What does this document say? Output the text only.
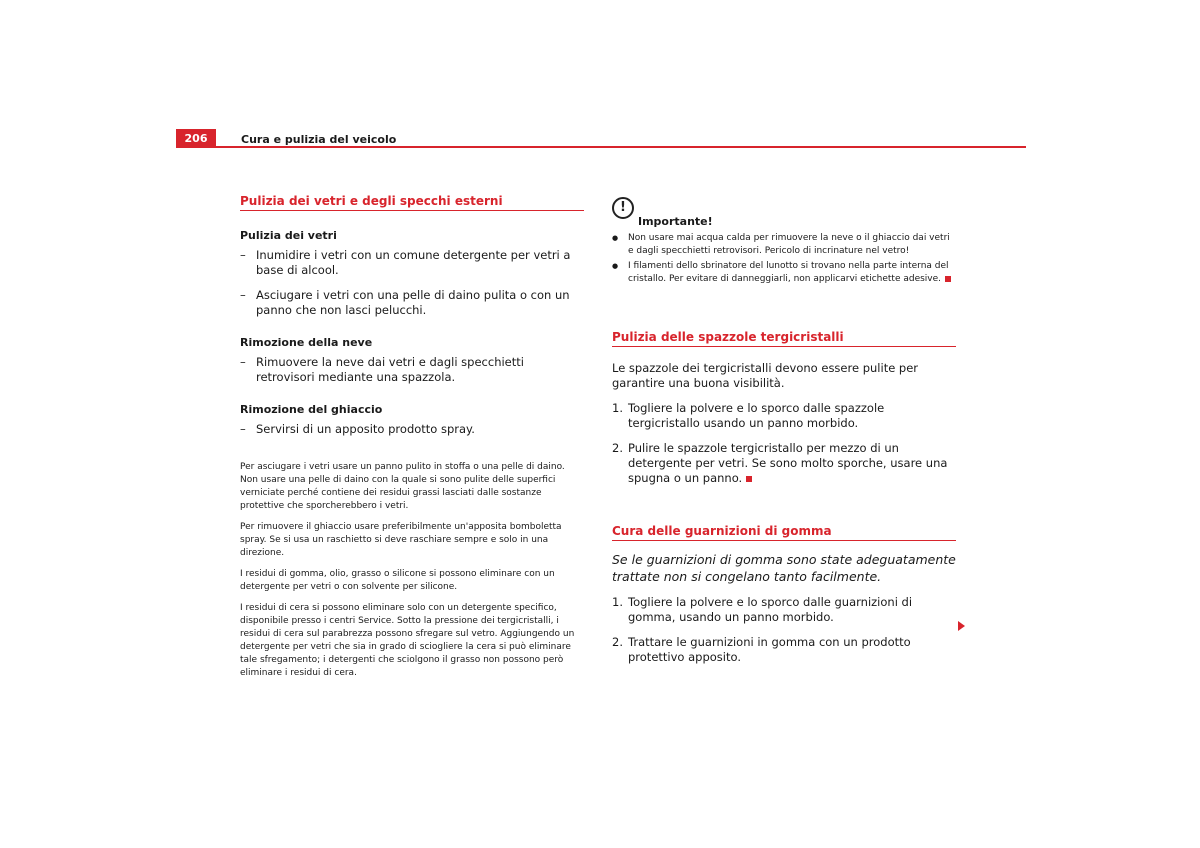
206	Cura e pulizia del veicolo
Pulizia dei vetri e degli specchi esterni
Pulizia dei vetri
– Inumidire i vetri con un comune detergente per vetri a base di alcool.
– Asciugare i vetri con una pelle di daino pulita o con un panno che non lasci pelucchi.
Rimozione della neve
– Rimuovere la neve dai vetri e dagli specchietti retrovisori mediante una spazzola.
Rimozione del ghiaccio
– Servirsi di un apposito prodotto spray.
Per asciugare i vetri usare un panno pulito in stoffa o una pelle di daino. Non usare una pelle di daino con la quale si sono pulite delle superfici verniciate perché contiene dei residui grassi lasciati dalle sostanze protettive che sporcherebbero i vetri.
Per rimuovere il ghiaccio usare preferibilmente un'apposita bomboletta spray. Se si usa un raschietto si deve raschiare sempre e solo in una direzione.
I residui di gomma, olio, grasso o silicone si possono eliminare con un detergente per vetri o con solvente per silicone.
I residui di cera si possono eliminare solo con un detergente specifico, disponibile presso i centri Service. Sotto la pressione dei tergicristalli, i residui di cera sul parabrezza possono sfregare sul vetro. Aggiungendo un detergente per vetri che sia in grado di sciogliere la cera si può eliminare tale sfregamento; i detergenti che sciolgono il grasso non possono però eliminare i residui di cera.
!
Importante!
● Non usare mai acqua calda per rimuovere la neve o il ghiaccio dai vetri e dagli specchietti retrovisori. Pericolo di incrinature nel vetro!
● I filamenti dello sbrinatore del lunotto si trovano nella parte interna del cristallo. Per evitare di danneggiarli, non applicarvi etichette adesive.
Pulizia delle spazzole tergicristalli
Le spazzole dei tergicristalli devono essere pulite per garantire una buona visibilità.
1. Togliere la polvere e lo sporco dalle spazzole tergicristallo usando un panno morbido.
2. Pulire le spazzole tergicristallo per mezzo di un detergente per vetri. Se sono molto sporche, usare una spugna o un panno.
Cura delle guarnizioni di gomma
Se le guarnizioni di gomma sono state adeguatamente trattate non si congelano tanto facilmente.
1. Togliere la polvere e lo sporco dalle guarnizioni di gomma, usando un panno morbido.
2. Trattare le guarnizioni in gomma con un prodotto protettivo apposito.
